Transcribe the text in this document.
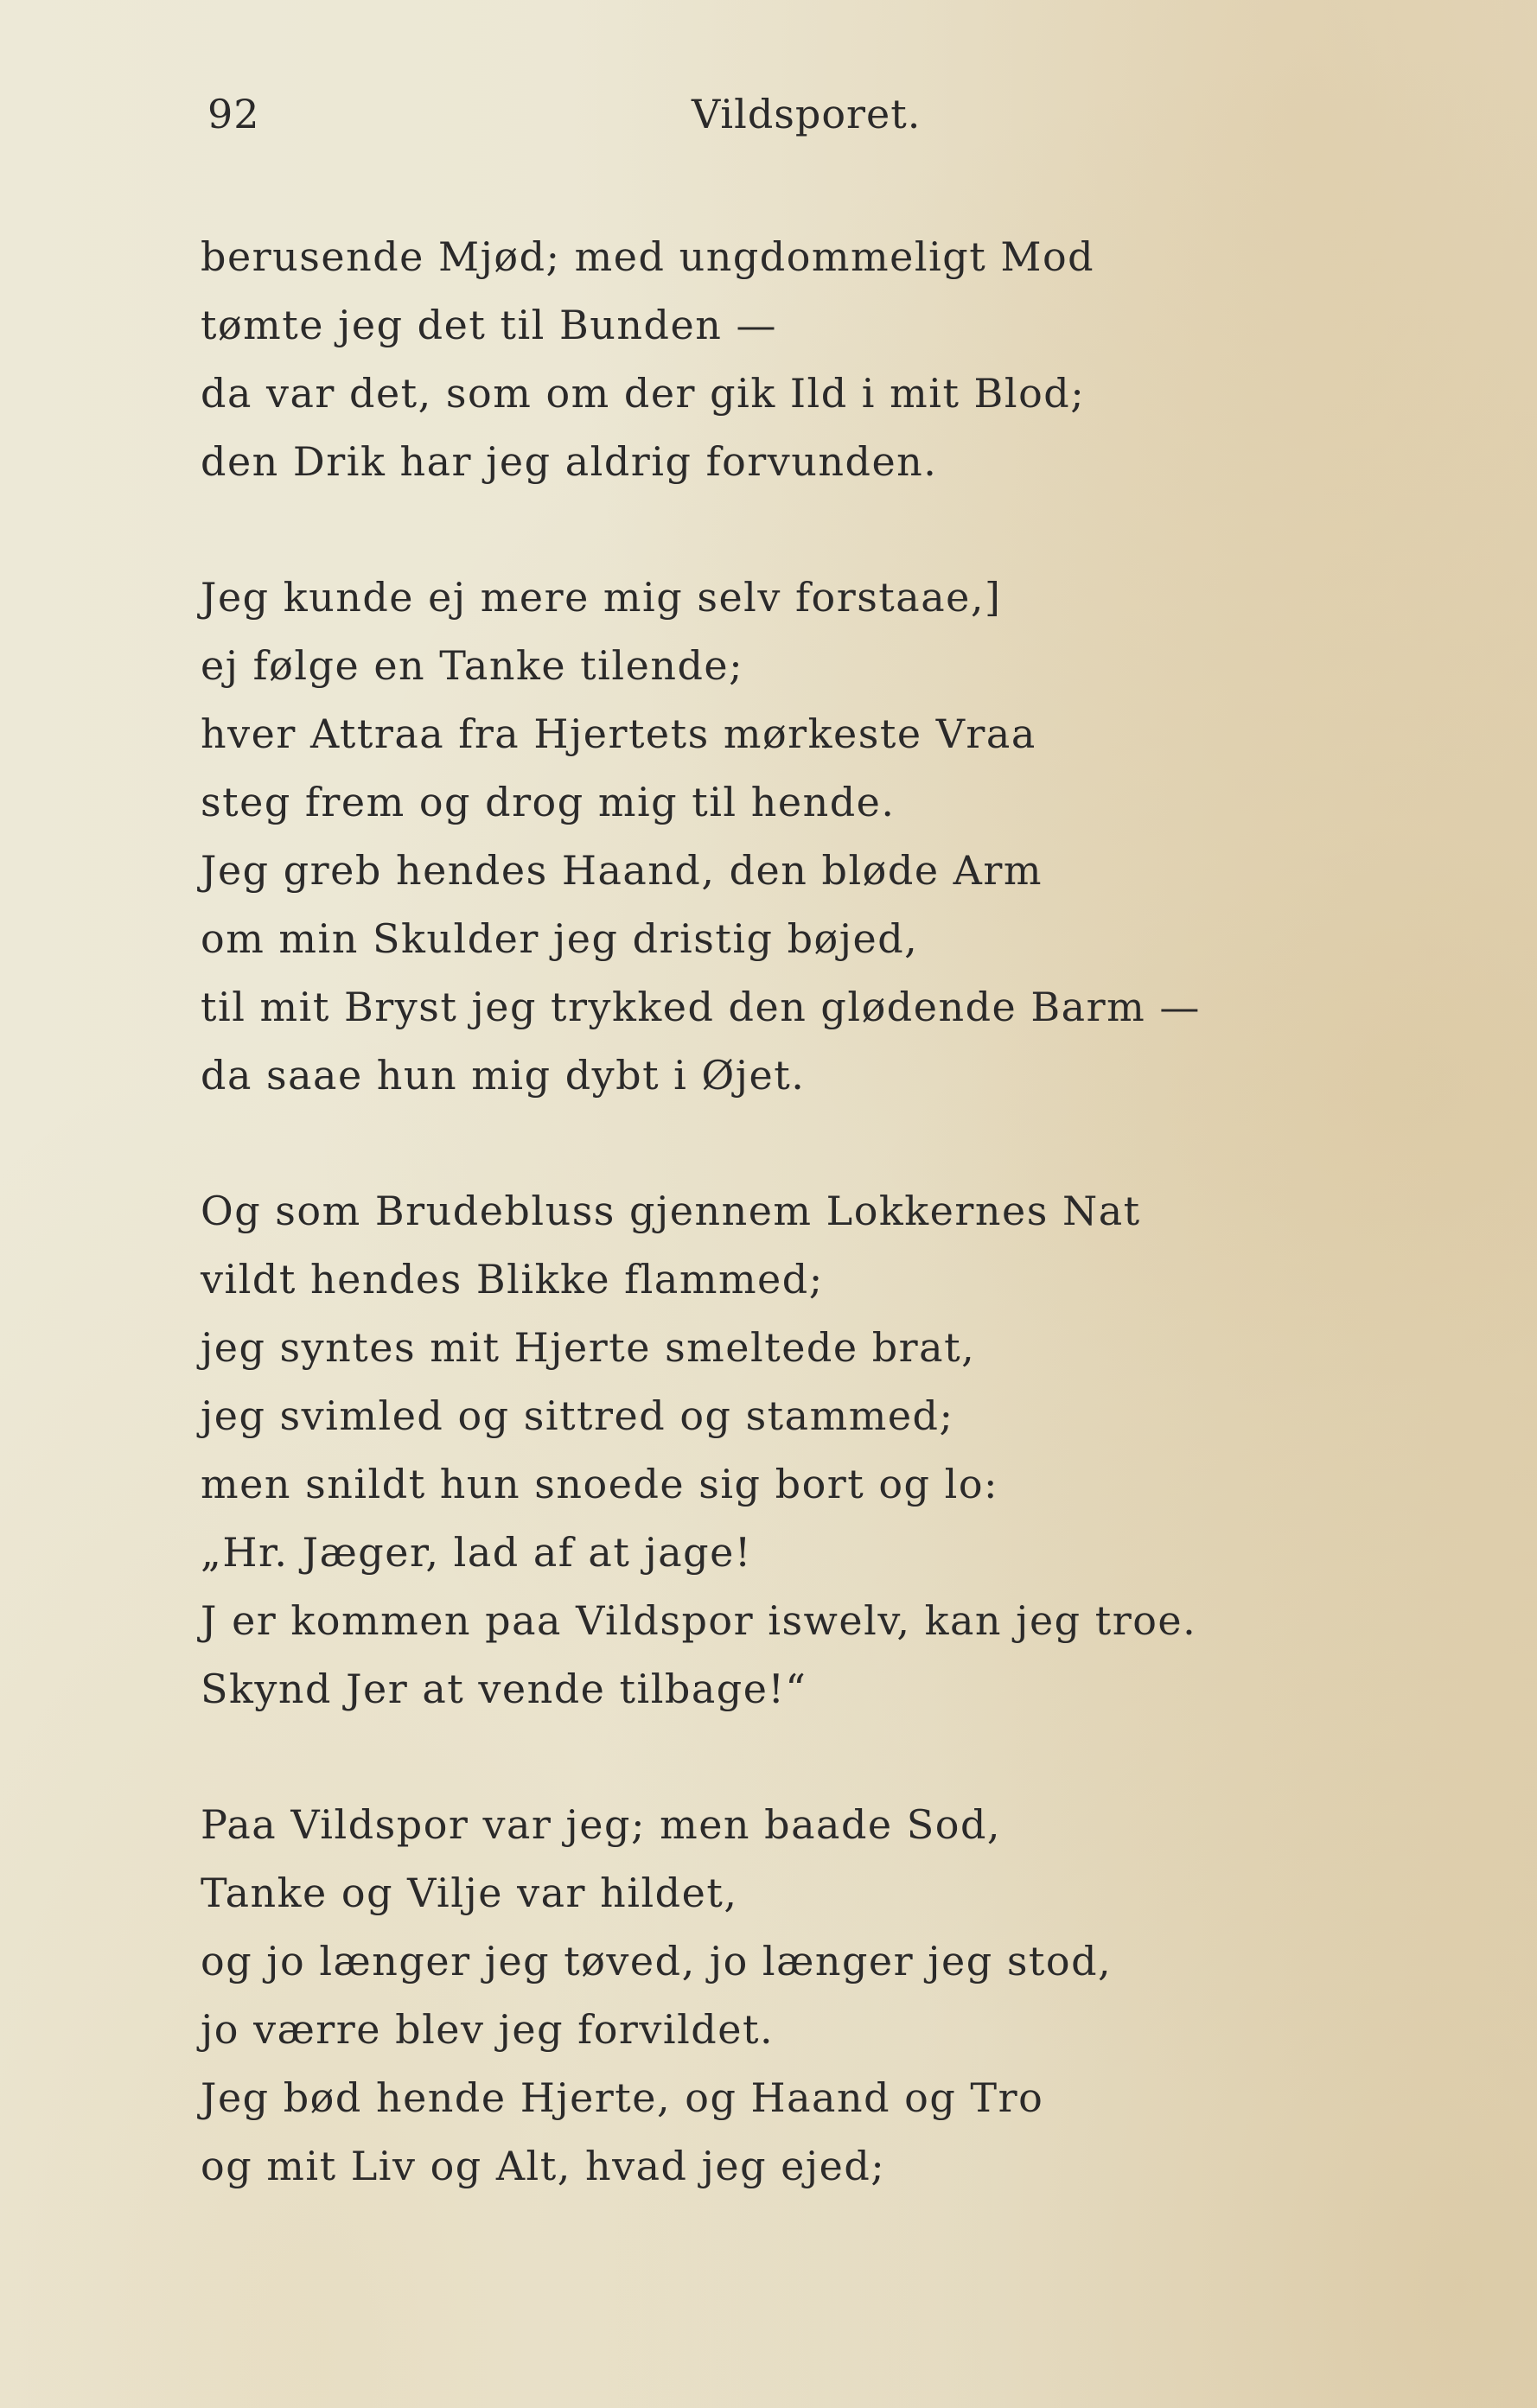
92	Vildsporet.
berusende Mjød; med ungdommeligt Mod
tømte jeg det til Bunden —
da var det, som om der gik Ild i mit Blod;
den Drik har jeg aldrig forvunden.
Jeg kunde ej mere mig selv forstaae,]
ej følge en Tanke tilende;
hver Attraa fra Hjertets mørkeste Vraa
steg frem og drog mig til hende.
Jeg greb hendes Haand, den bløde Arm
om min Skulder jeg dristig bøjed,
til mit Bryst jeg trykked den glødende Barm —
da saae hun mig dybt i Øjet.
Og som Brudebluss gjennem Lokkernes Nat
vildt hendes Blikke flammed;
jeg syntes mit Hjerte smeltede brat,
jeg svimled og sittred og stammed;
men snildt hun snoede sig bort og lo:
„Hr. Jæger, lad af at jage!
J er kommen paa Vildspor iswelv, kan jeg troe.
Skynd Jer at vende tilbage!“
Paa Vildspor var jeg; men baade Sod,
Tanke og Vilje var hildet,
og jo længer jeg tøved, jo længer jeg stod,
jo værre blev jeg forvildet.
Jeg bød hende Hjerte, og Haand og Tro
og mit Liv og Alt, hvad jeg ejed;
